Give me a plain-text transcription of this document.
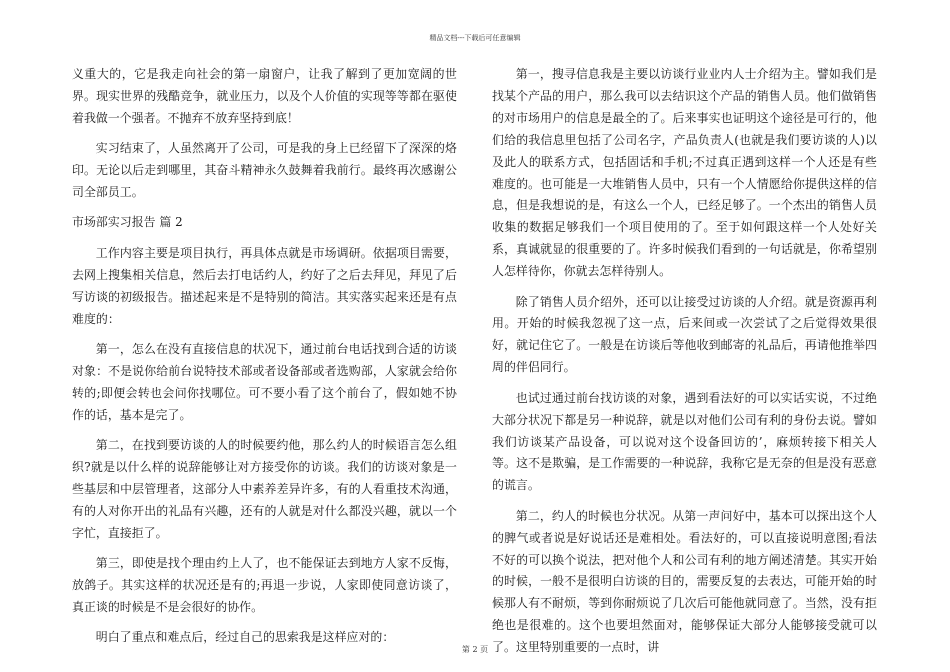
精品文档---下载后可任意编辑

义重大的，它是我走向社会的第一扇窗户，让我了解到了更加宽阔的世界。现实世界的残酷竞争，就业压力，以及个人价值的实现等等都在驱使着我做一个强者。不抛弃不放弃坚持到底！

实习结束了，人虽然离开了公司，可是我的身上已经留下了深深的烙印。无论以后走到哪里，其奋斗精神永久鼓舞着我前行。最终再次感谢公司全部员工。

市场部实习报告 篇 2

工作内容主要是项目执行，再具体点就是市场调研。依据项目需要，去网上搜集相关信息，然后去打电话约人，约好了之后去拜见，拜见了后写访谈的初级报告。描述起来是不是特别的简洁。其实落实起来还是有点难度的：

第一，怎么在没有直接信息的状况下，通过前台电话找到合适的访谈对象：不是说你给前台说特技术部或者设备部或者选购部，人家就会给你转的;即便会转也会问你找哪位。可不要小看了这个前台了，假如她不协作的话，基本是完了。

第二，在找到要访谈的人的时候要约他，那么约人的时候语言怎么组织?就是以什么样的说辞能够让对方接受你的访谈。我们的访谈对象是一些基层和中层管理者，这部分人中素养差异许多，有的人看重技术沟通，有的人对你开出的礼品有兴趣，还有的人就是对什么都没兴趣，就以一个字忙，直接拒了。

第三，即使是找个理由约上人了，也不能保证去到地方人家不反悔，放鸽子。其实这样的状况还是有的;再退一步说，人家即使同意访谈了，真正谈的时候是不是会很好的协作。

明白了重点和难点后，经过自己的思索我是这样应对的：

第一，搜寻信息我是主要以访谈行业业内人士介绍为主。譬如我们是找某个产品的用户，那么我可以去结识这个产品的销售人员。他们做销售的对市场用户的信息是最全的了。后来事实也证明这个途径是可行的，他们给的我信息里包括了公司名字，产品负责人(也就是我们要访谈的人)以及此人的联系方式，包括固话和手机;不过真正遇到这样一个人还是有些难度的。也可能是一大堆销售人员中，只有一个人情愿给你提供这样的信息，但是我想说的是，有这么一个人，已经足够了。一个杰出的销售人员收集的数据足够我们一个项目使用的了。至于如何跟这样一个人处好关系，真诚就显的很重要的了。许多时候我们看到的一句话就是，你希望别人怎样待你，你就去怎样待别人。

除了销售人员介绍外，还可以让接受过访谈的人介绍。就是资源再利用。开始的时候我忽视了这一点，后来间或一次尝试了之后觉得效果很好，就记住它了。一般是在访谈后等他收到邮寄的礼品后，再请他推举四周的伴侣同行。

也试过通过前台找访谈的对象，遇到看法好的可以实话实说，不过绝大部分状况下都是另一种说辞，就是以对他们公司有利的身份去说。譬如我们访谈某产品设备，可以说对这个设备回访的’，麻烦转接下相关人等。这不是欺骗，是工作需要的一种说辞，我称它是无奈的但是没有恶意的谎言。

第二，约人的时候也分状况。从第一声问好中，基本可以探出这个人的脾气或者说是好说话还是难相处。看法好的，可以直接说明意图;看法不好的可以换个说法，把对他个人和公司有利的地方阐述清楚。其实开始的时候，一般不是很明白访谈的目的，需要反复的去表达，可能开始的时候那人有不耐烦，等到你耐烦说了几次后可能他就同意了。当然，没有拒绝也是很难的。这个也要坦然面对，能够保证大部分人能够接受就可以了。这里特别重要的一点时，讲

第 2 页
